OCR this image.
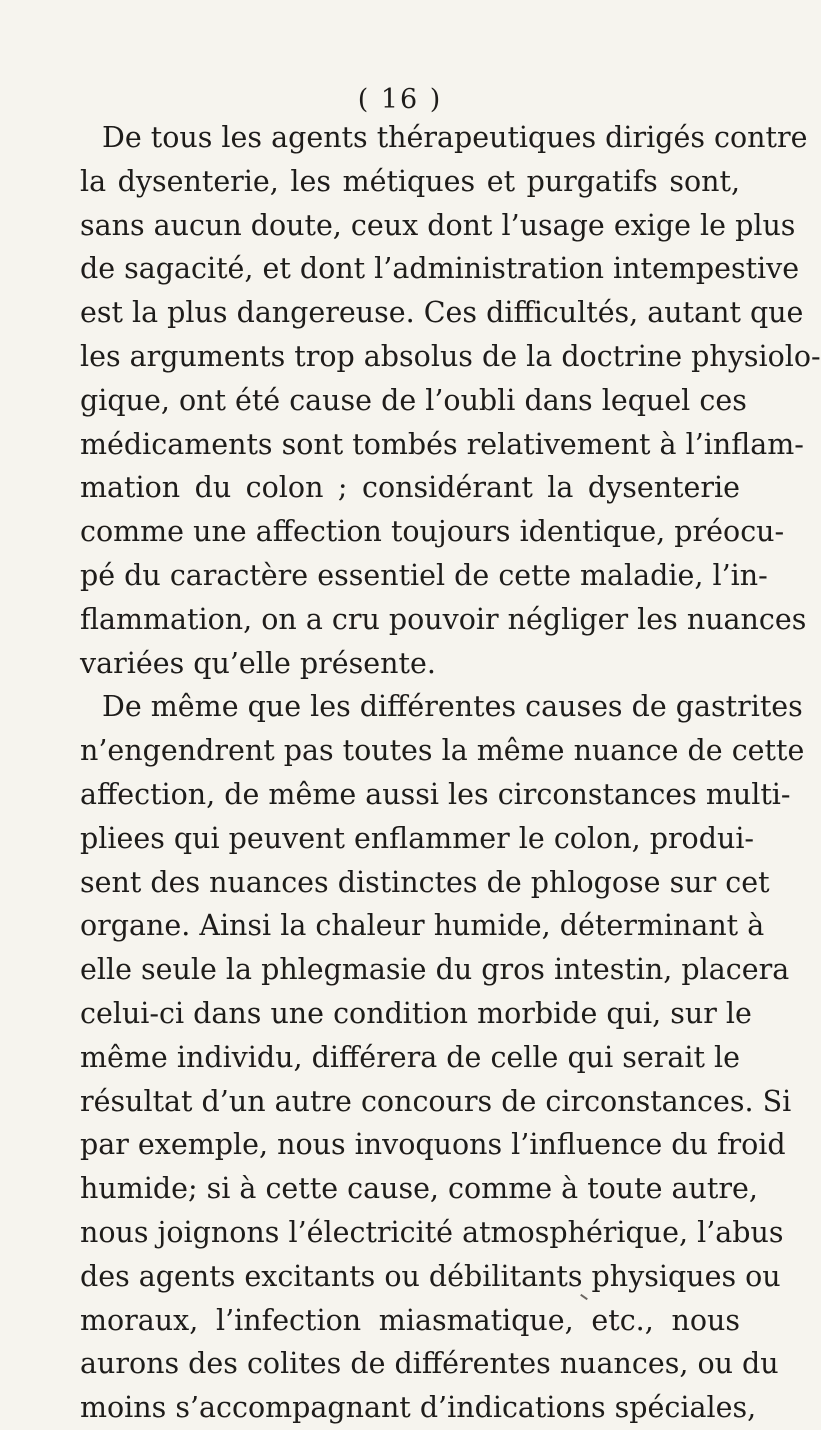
( 16 )
De tous les agents thérapeutiques dirigés contre
la dysenterie, les métiques et purgatifs sont,
sans aucun doute, ceux dont l’usage exige le plus
de sagacité, et dont l’administration intempestive
est la plus dangereuse. Ces difficultés, autant que
les arguments trop absolus de la doctrine physiolo-
gique, ont été cause de l’oubli dans lequel ces
médicaments sont tombés relativement à l’inflam-
mation du colon ; considérant la dysenterie
comme une affection toujours identique, préocu-
pé du caractère essentiel de cette maladie, l’in-
flammation, on a cru pouvoir négliger les nuances
variées qu’elle présente.
De même que les différentes causes de gastrites
n’engendrent pas toutes la même nuance de cette
affection, de même aussi les circonstances multi-
pliees qui peuvent enflammer le colon, produi-
sent des nuances distinctes de phlogose sur cet
organe. Ainsi la chaleur humide, déterminant à
elle seule la phlegmasie du gros intestin, placera
celui-ci dans une condition morbide qui, sur le
même individu, différera de celle qui serait le
résultat d’un autre concours de circonstances. Si
par exemple, nous invoquons l’influence du froid
humide; si à cette cause, comme à toute autre,
nous joignons l’électricité atmosphérique, l’abus
des agents excitants ou débilitants physiques ou
moraux, l’infection miasmatique, etc., nous
aurons des colites de différentes nuances, ou du
moins s’accompagnant d’indications spéciales,
